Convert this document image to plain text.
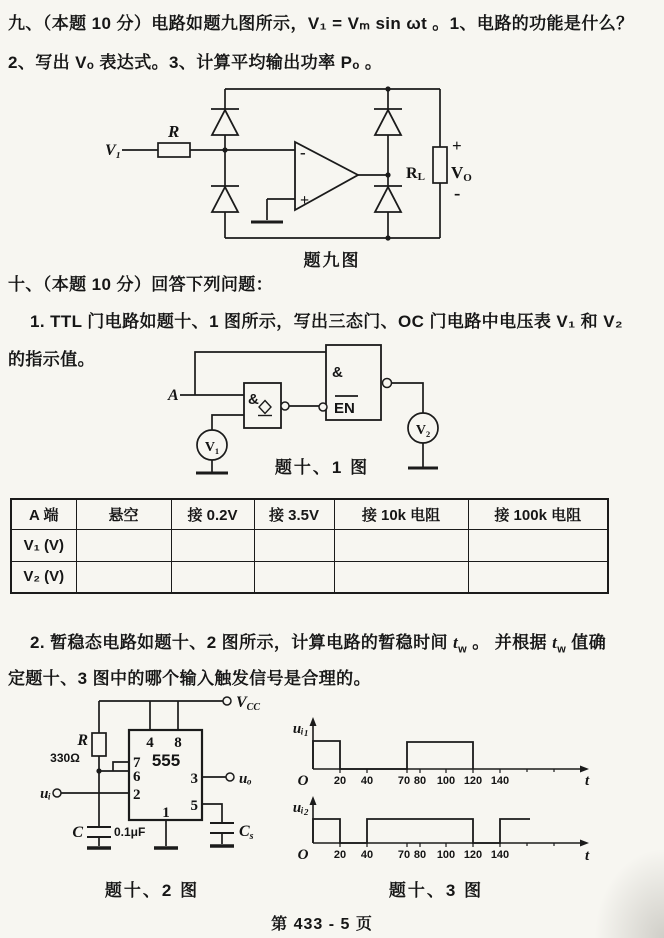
九、（本题 10 分）电路如题九图所示，V₁ = Vₘ sin ωt 。1、电路的功能是什么？
2、写出 Vₒ 表达式。3、计算平均输出功率 Pₒ 。
V₁
R
-
+
RL
+
VO
-
题九图
十、（本题 10 分）回答下列问题：
1. TTL 门电路如题十、1 图所示，写出三态门、OC 门电路中电压表 V₁ 和 V₂
的指示值。
A	&
&
EN
V₁
V₂
题十、1 图
A 端	悬空	接 0.2V	接 3.5V	接 10k 电阻	接 100k 电阻
V₁ (V)					
V₂ (V)					
2. 暂稳态电路如题十、2 图所示，计算电路的暂稳时间 $t_w$ 。 并根据 $t_w$ 值确
定题十、3 图中的哪个输入触发信号是合理的。
VCC
R
330Ω	555
4 8
7
6
2
3
5
1
uᵢ
uₒ
C	0.1μF	Cs
题十、2 图
20 40 70 80 100 120 140
uᵢ₁
O	t
20 40 70 80 100 120 140
uᵢ₂
O	t
题十、3 图
第 433 - 5 页
